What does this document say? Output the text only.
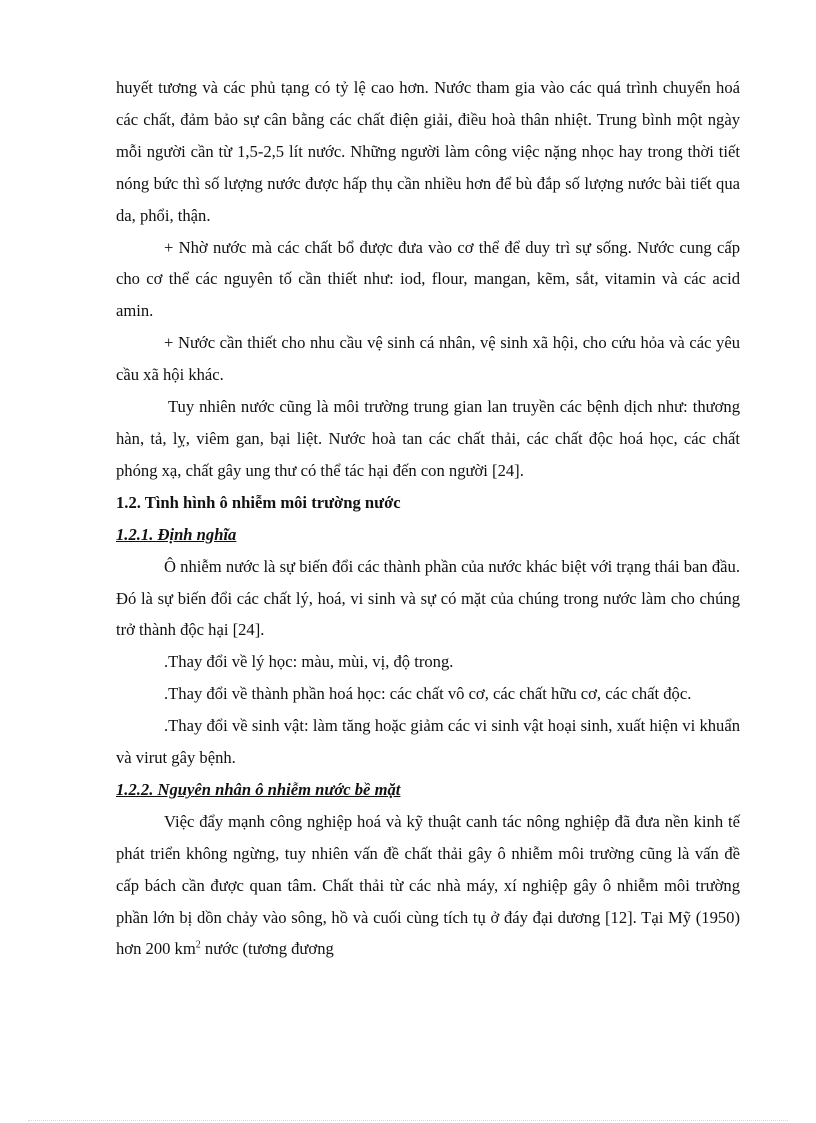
huyết tương và các phủ tạng có tỷ lệ cao hơn. Nước tham gia vào các quá trình chuyển hoá các chất, đảm bảo sự cân bằng các chất điện giải, điều hoà thân nhiệt. Trung bình một ngày mỗi người cần từ 1,5-2,5 lít nước. Những người làm công việc nặng nhọc hay trong thời tiết nóng bức thì số lượng nước được hấp thụ cần nhiều hơn để bù đắp số lượng nước bài tiết qua da, phổi, thận.

+ Nhờ nước mà các chất bổ được đưa vào cơ thể để duy trì sự sống. Nước cung cấp cho cơ thể các nguyên tố cần thiết như: iod, flour, mangan, kẽm, sắt, vitamin và các acid amin.

+ Nước cần thiết cho nhu cầu vệ sinh cá nhân, vệ sinh xã hội, cho cứu hỏa và các yêu cầu xã hội khác.

Tuy nhiên nước cũng là môi trường trung gian lan truyền các bệnh dịch như: thương hàn, tả, lỵ, viêm gan, bại liệt. Nước hoà tan các chất thải, các chất độc hoá học, các chất phóng xạ, chất gây ung thư có thể tác hại đến con người [24].

1.2. Tình hình ô nhiễm môi trường nước
1.2.1. Định nghĩa

Ô nhiễm nước là sự biến đổi các thành phần của nước khác biệt với trạng thái ban đầu. Đó là sự biến đổi các chất lý, hoá, vi sinh và sự có mặt của chúng trong nước làm cho chúng trở thành độc hại [24].

.Thay đổi về lý học: màu, mùi, vị, độ trong.

.Thay đổi về thành phần hoá học: các chất vô cơ, các chất hữu cơ, các chất độc.

.Thay đổi về sinh vật: làm tăng hoặc giảm các vi sinh vật hoại sinh, xuất hiện vi khuẩn và virut gây bệnh.

1.2.2. Nguyên nhân ô nhiễm nước bề mặt

Việc đẩy mạnh công nghiệp hoá và kỹ thuật canh tác nông nghiệp đã đưa nền kinh tế phát triển không ngừng, tuy nhiên vấn đề chất thải gây ô nhiễm môi trường cũng là vấn đề cấp bách cần được quan tâm. Chất thải từ các nhà máy, xí nghiệp gây ô nhiễm môi trường phần lớn bị dồn chảy vào sông, hồ và cuối cùng tích tụ ở đáy đại dương [12]. Tại Mỹ (1950) hơn 200 $km^2$ nước (tương đương
